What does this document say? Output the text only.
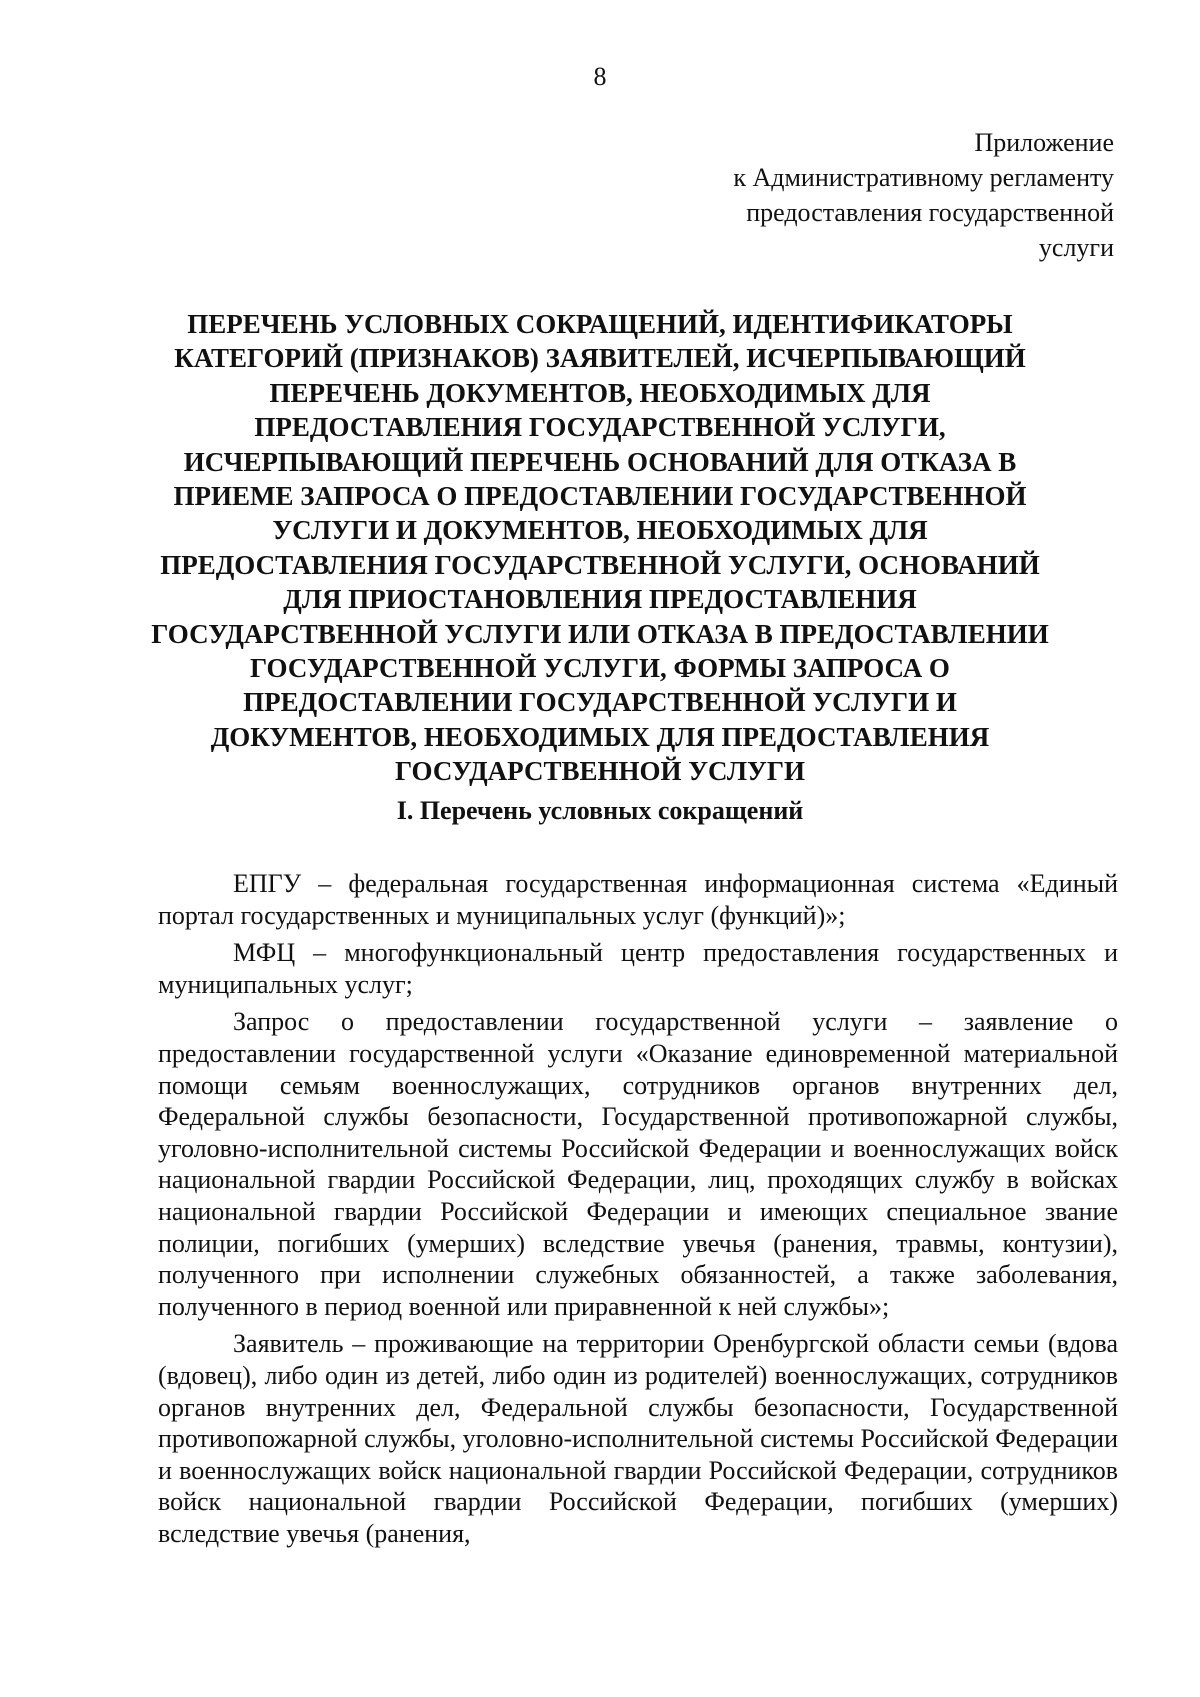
8
Приложение
к Административному регламенту
предоставления государственной
услуги
ПЕРЕЧЕНЬ УСЛОВНЫХ СОКРАЩЕНИЙ, ИДЕНТИФИКАТОРЫ
КАТЕГОРИЙ (ПРИЗНАКОВ) ЗАЯВИТЕЛЕЙ, ИСЧЕРПЫВАЮЩИЙ
ПЕРЕЧЕНЬ ДОКУМЕНТОВ, НЕОБХОДИМЫХ ДЛЯ
ПРЕДОСТАВЛЕНИЯ ГОСУДАРСТВЕННОЙ УСЛУГИ,
ИСЧЕРПЫВАЮЩИЙ ПЕРЕЧЕНЬ ОСНОВАНИЙ ДЛЯ ОТКАЗА В
ПРИЕМЕ ЗАПРОСА О ПРЕДОСТАВЛЕНИИ ГОСУДАРСТВЕННОЙ
УСЛУГИ И ДОКУМЕНТОВ, НЕОБХОДИМЫХ ДЛЯ
ПРЕДОСТАВЛЕНИЯ ГОСУДАРСТВЕННОЙ УСЛУГИ, ОСНОВАНИЙ
ДЛЯ ПРИОСТАНОВЛЕНИЯ ПРЕДОСТАВЛЕНИЯ
ГОСУДАРСТВЕННОЙ УСЛУГИ ИЛИ ОТКАЗА В ПРЕДОСТАВЛЕНИИ
ГОСУДАРСТВЕННОЙ УСЛУГИ, ФОРМЫ ЗАПРОСА О
ПРЕДОСТАВЛЕНИИ ГОСУДАРСТВЕННОЙ УСЛУГИ И
ДОКУМЕНТОВ, НЕОБХОДИМЫХ ДЛЯ ПРЕДОСТАВЛЕНИЯ
ГОСУДАРСТВЕННОЙ УСЛУГИ
I. Перечень условных сокращений

ЕПГУ – федеральная государственная информационная система «Единый портал государственных и муниципальных услуг (функций)»;

МФЦ – многофункциональный центр предоставления государственных и муниципальных услуг;

Запрос о предоставлении государственной услуги – заявление о предоставлении государственной услуги «Оказание единовременной материальной помощи семьям военнослужащих, сотрудников органов внутренних дел, Федеральной службы безопасности, Государственной противопожарной службы, уголовно-исполнительной системы Российской Федерации и военнослужащих войск национальной гвардии Российской Федерации, лиц, проходящих службу в войсках национальной гвардии Российской Федерации и имеющих специальное звание полиции, погибших (умерших) вследствие увечья (ранения, травмы, контузии), полученного при исполнении служебных обязанностей, а также заболевания, полученного в период военной или приравненной к ней службы»;

Заявитель – проживающие на территории Оренбургской области семьи (вдова (вдовец), либо один из детей, либо один из родителей) военнослужащих, сотрудников органов внутренних дел, Федеральной службы безопасности, Государственной противопожарной службы, уголовно-исполнительной системы Российской Федерации и военнослужащих войск национальной гвардии Российской Федерации, сотрудников войск национальной гвардии Российской Федерации, погибших (умерших) вследствие увечья (ранения,
